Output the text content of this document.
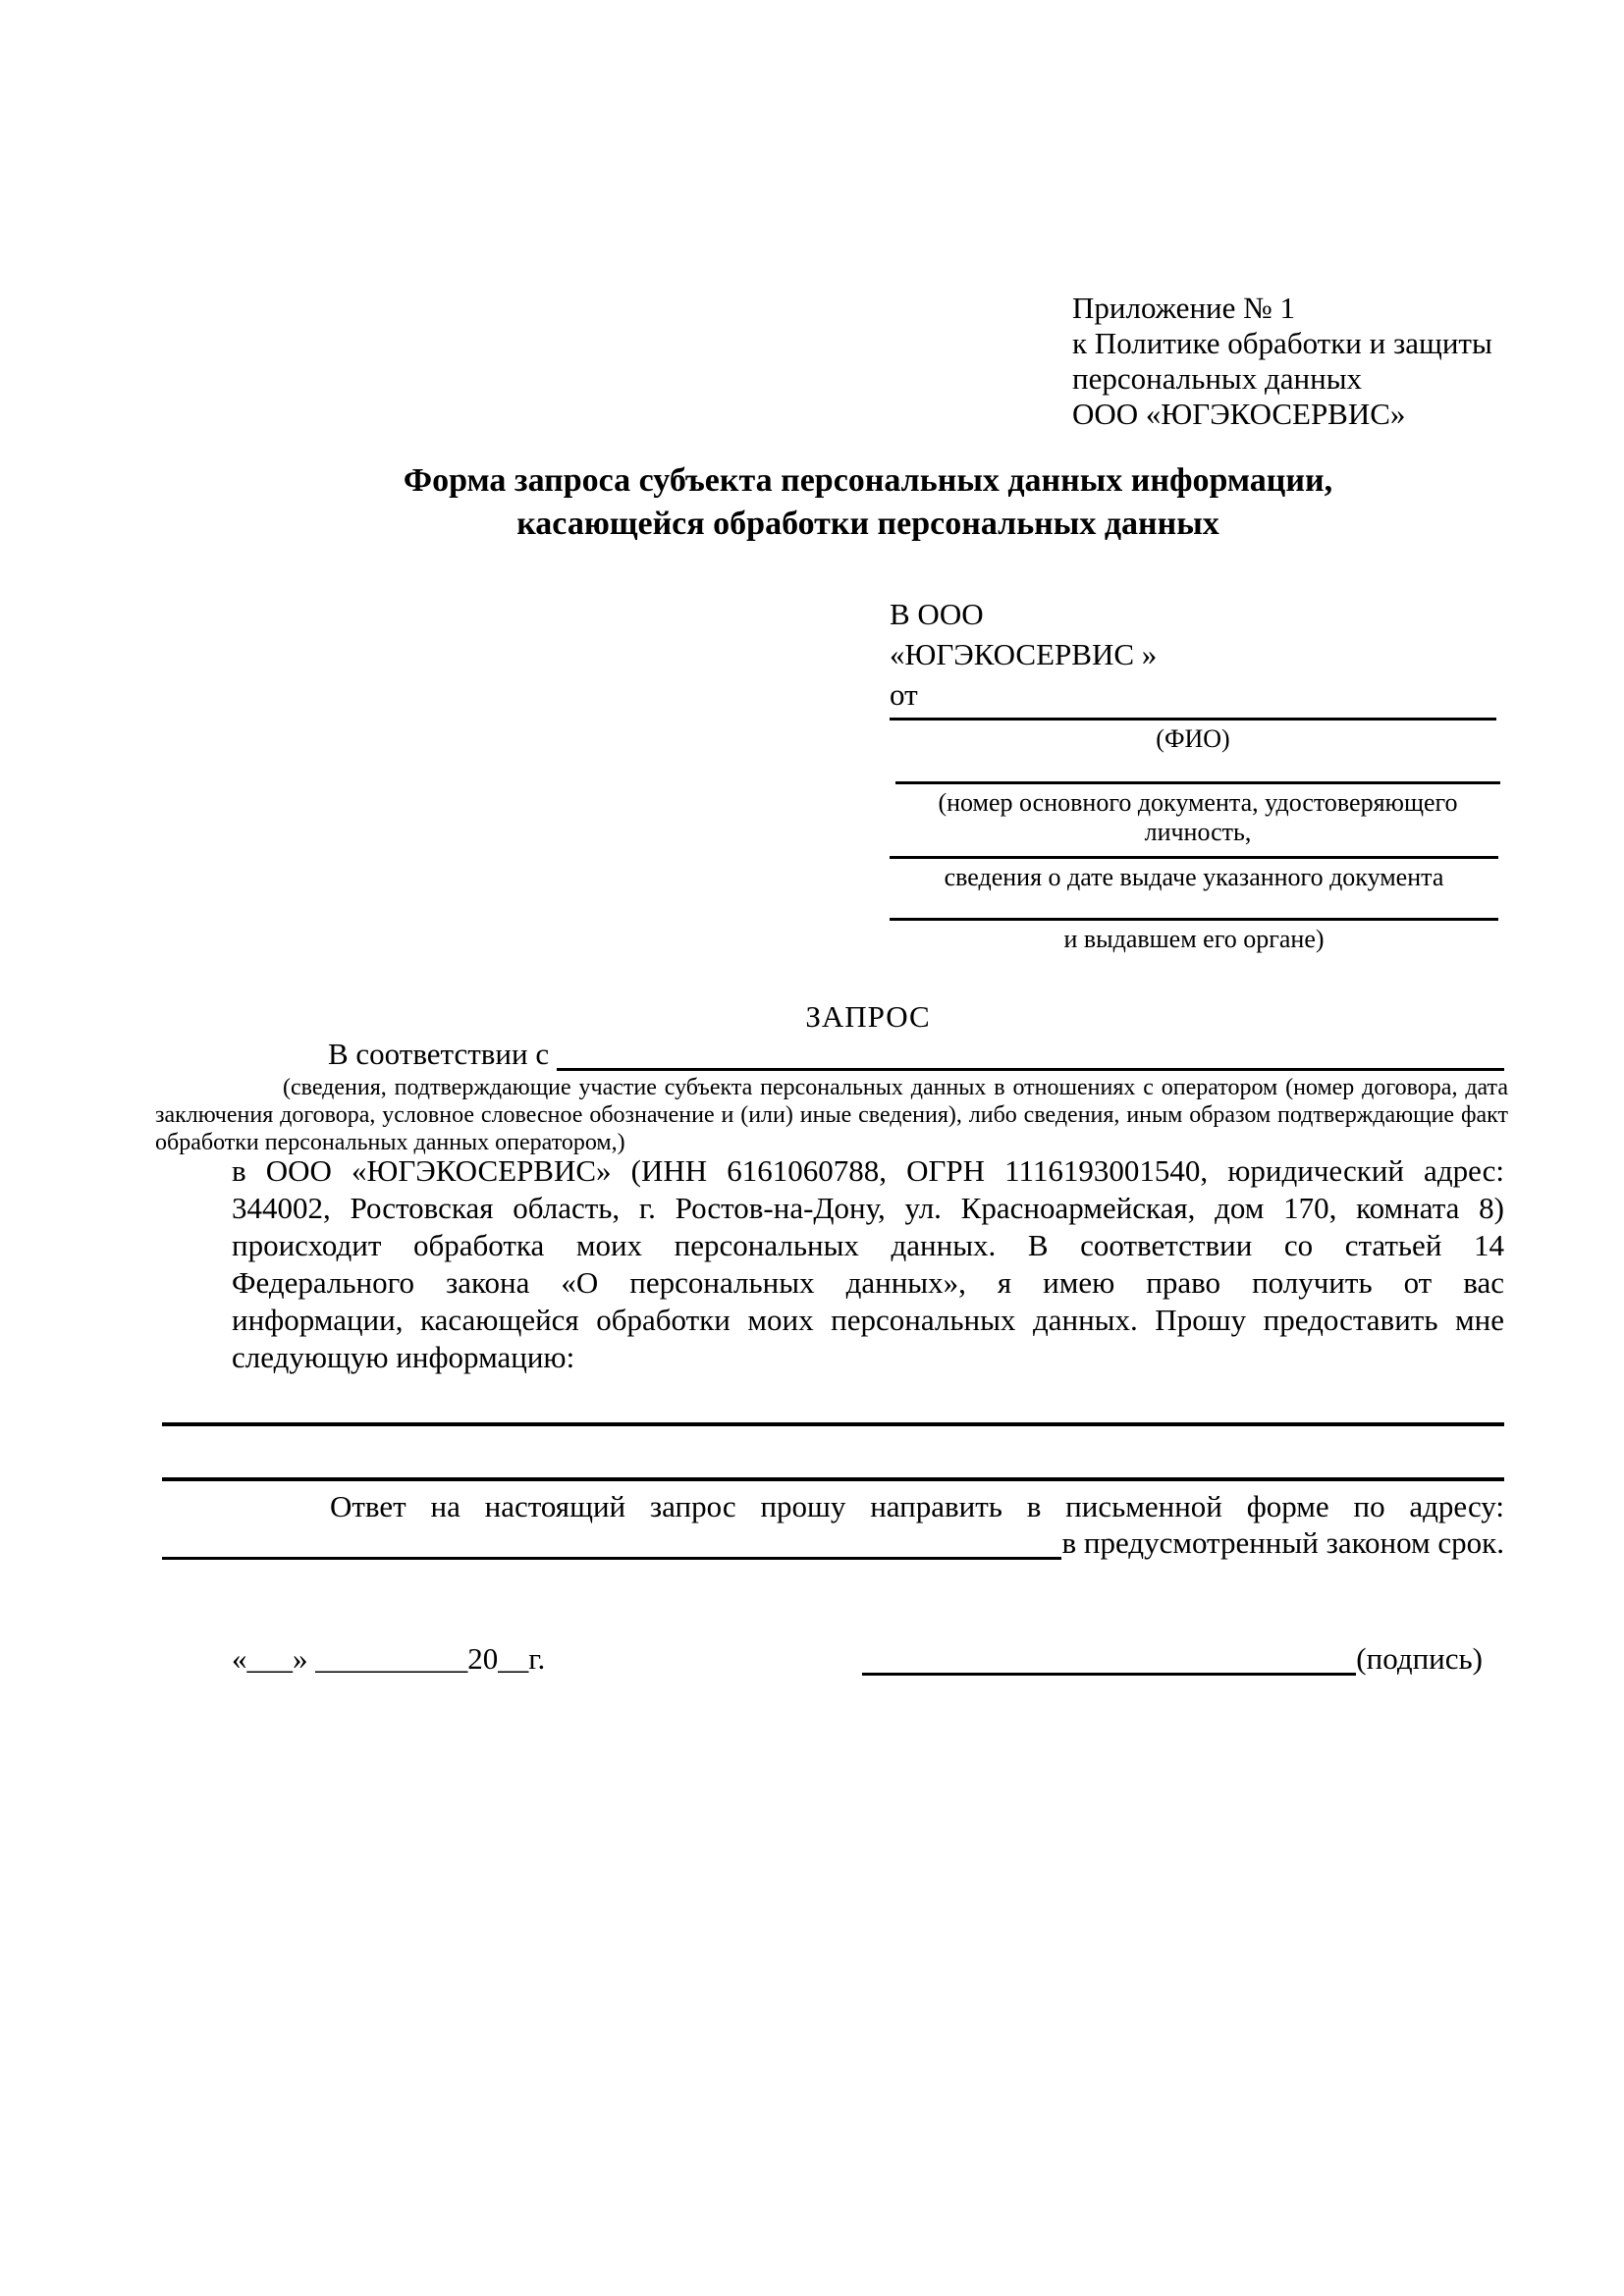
Приложение № 1
к Политике обработки и защиты
персональных данных
ООО «ЮГЭКОСЕРВИС»
Форма запроса субъекта персональных данных информации,
касающейся обработки персональных данных
В ООО
«ЮГЭКОСЕРВИС »
от
(ФИО)
(номер основного документа, удостоверяющего личность,
сведения о дате выдаче указанного документа
и выдавшем его органе)
ЗАПРОС
В соответствии с
(сведения, подтверждающие участие субъекта персональных данных в отношениях с оператором (номер договора, дата
заключения договора, условное словесное обозначение и (или) иные сведения), либо сведения, иным образом подтверждающие факт
обработки персональных данных оператором,)
в ООО «ЮГЭКОСЕРВИС» (ИНН 6161060788, ОГРН 1116193001540, юридический адрес:
344002, Ростовская область, г. Ростов-на-Дону, ул. Красноармейская, дом 170, комната 8)
происходит обработка моих персональных данных. В соответствии со статьей 14
Федерального закона «О персональных данных», я имею право получить от вас
информации, касающейся обработки моих персональных данных. Прошу предоставить мне
следующую информацию:
Ответ на настоящий запрос прошу направить в письменной форме по адресу:
в предусмотренный законом срок.
«___» __________20__г.	(подпись)
